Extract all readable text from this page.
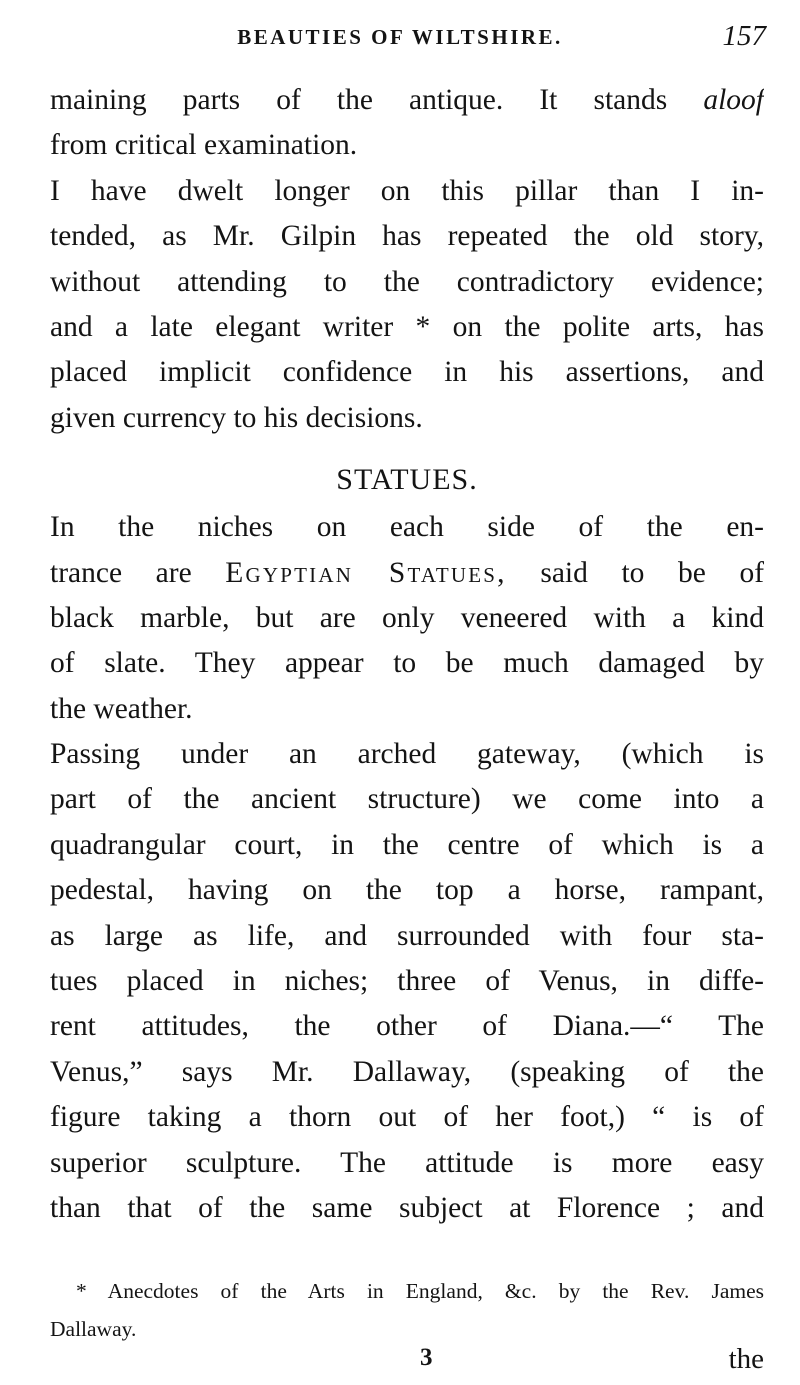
BEAUTIES OF WILTSHIRE.	157
maining parts of the antique. It stands aloof
from critical examination.
I have dwelt longer on this pillar than I in-
tended, as Mr. Gilpin has repeated the old story,
without attending to the contradictory evidence;
and a late elegant writer * on the polite arts, has
placed implicit confidence in his assertions, and
given currency to his decisions.
STATUES.
In the niches on each side of the en-
trance are Egyptian Statues, said to be of
black marble, but are only veneered with a kind
of slate. They appear to be much damaged by
the weather.
Passing under an arched gateway, (which is
part of the ancient structure) we come into a
quadrangular court, in the centre of which is a
pedestal, having on the top a horse, rampant,
as large as life, and surrounded with four sta-
tues placed in niches; three of Venus, in diffe-
rent attitudes, the other of Diana.—“ The
Venus,” says Mr. Dallaway, (speaking of the
figure taking a thorn out of her foot,) “ is of
superior sculpture. The attitude is more easy
than that of the same subject at Florence ; and
* Anecdotes of the Arts in England, &c. by the Rev. James
Dallaway.
3	the
